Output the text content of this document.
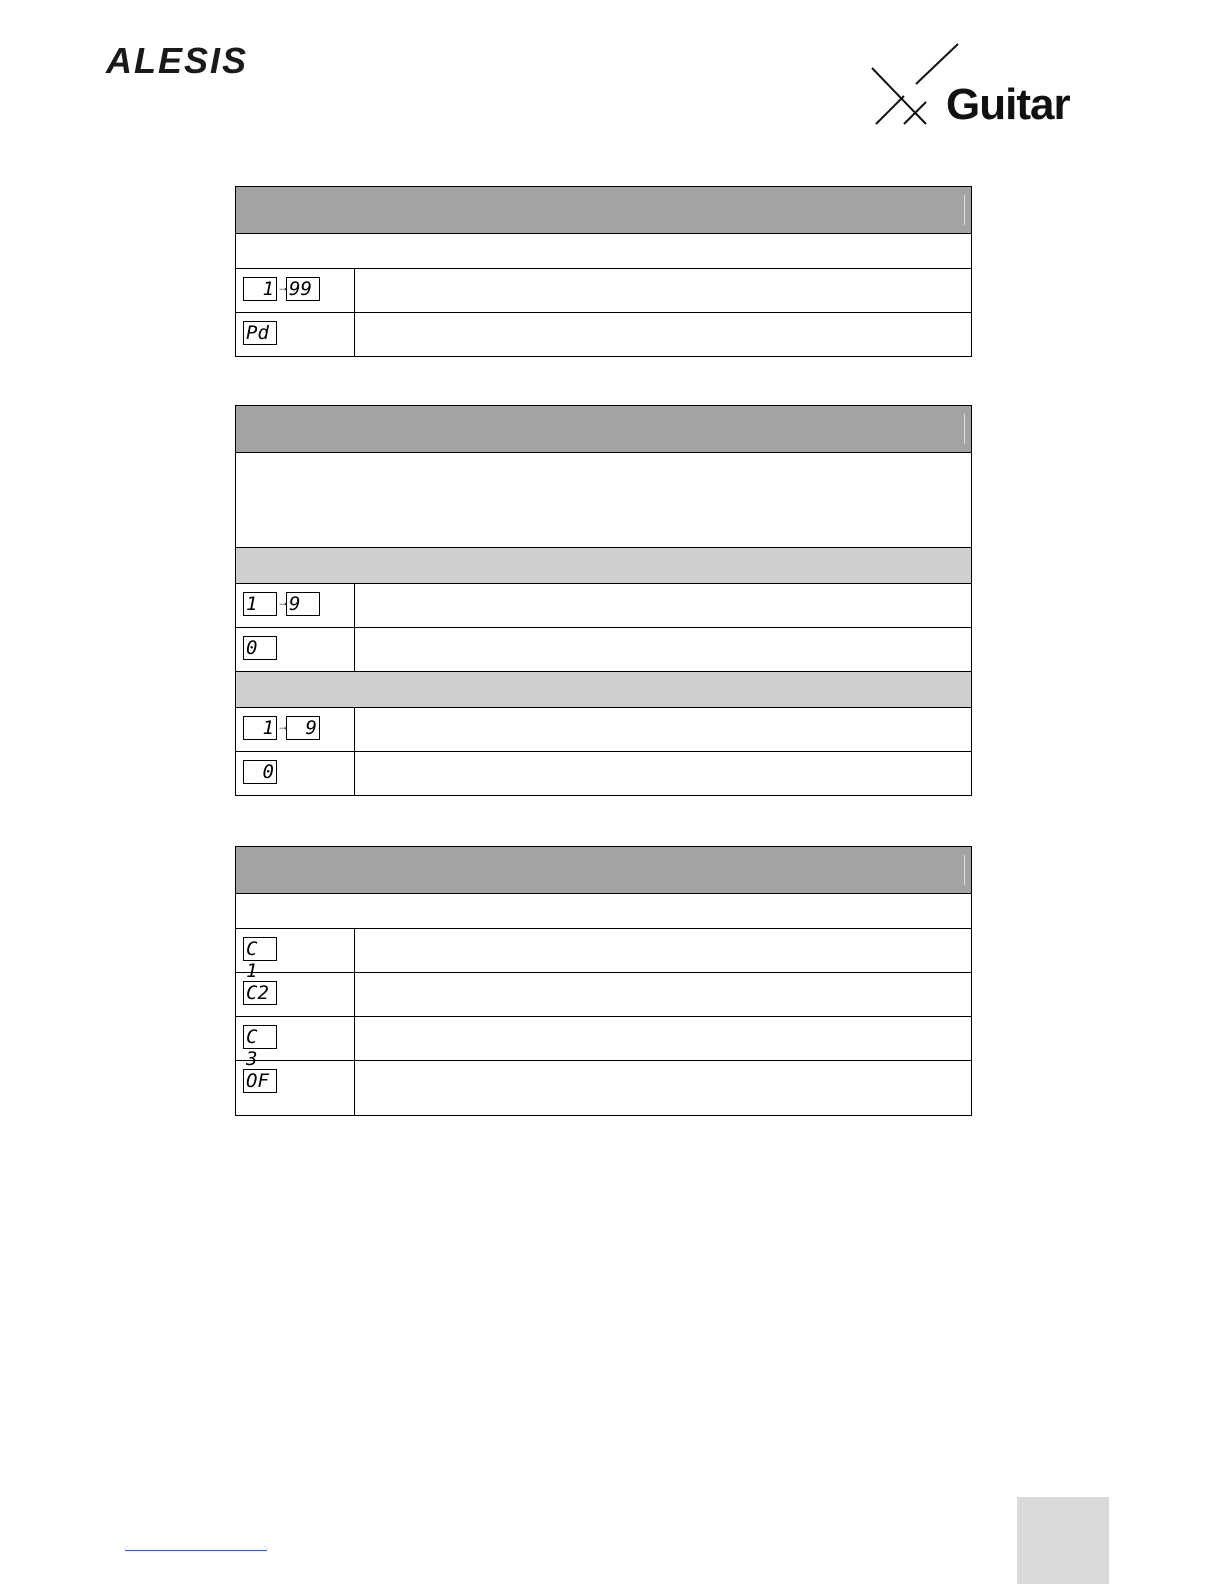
ALESIS
Guitar

1 → 99	

Pd	

1 → 9	

0	

1 → 9	

0	

C 1	

C2	

C 3	

OF	
